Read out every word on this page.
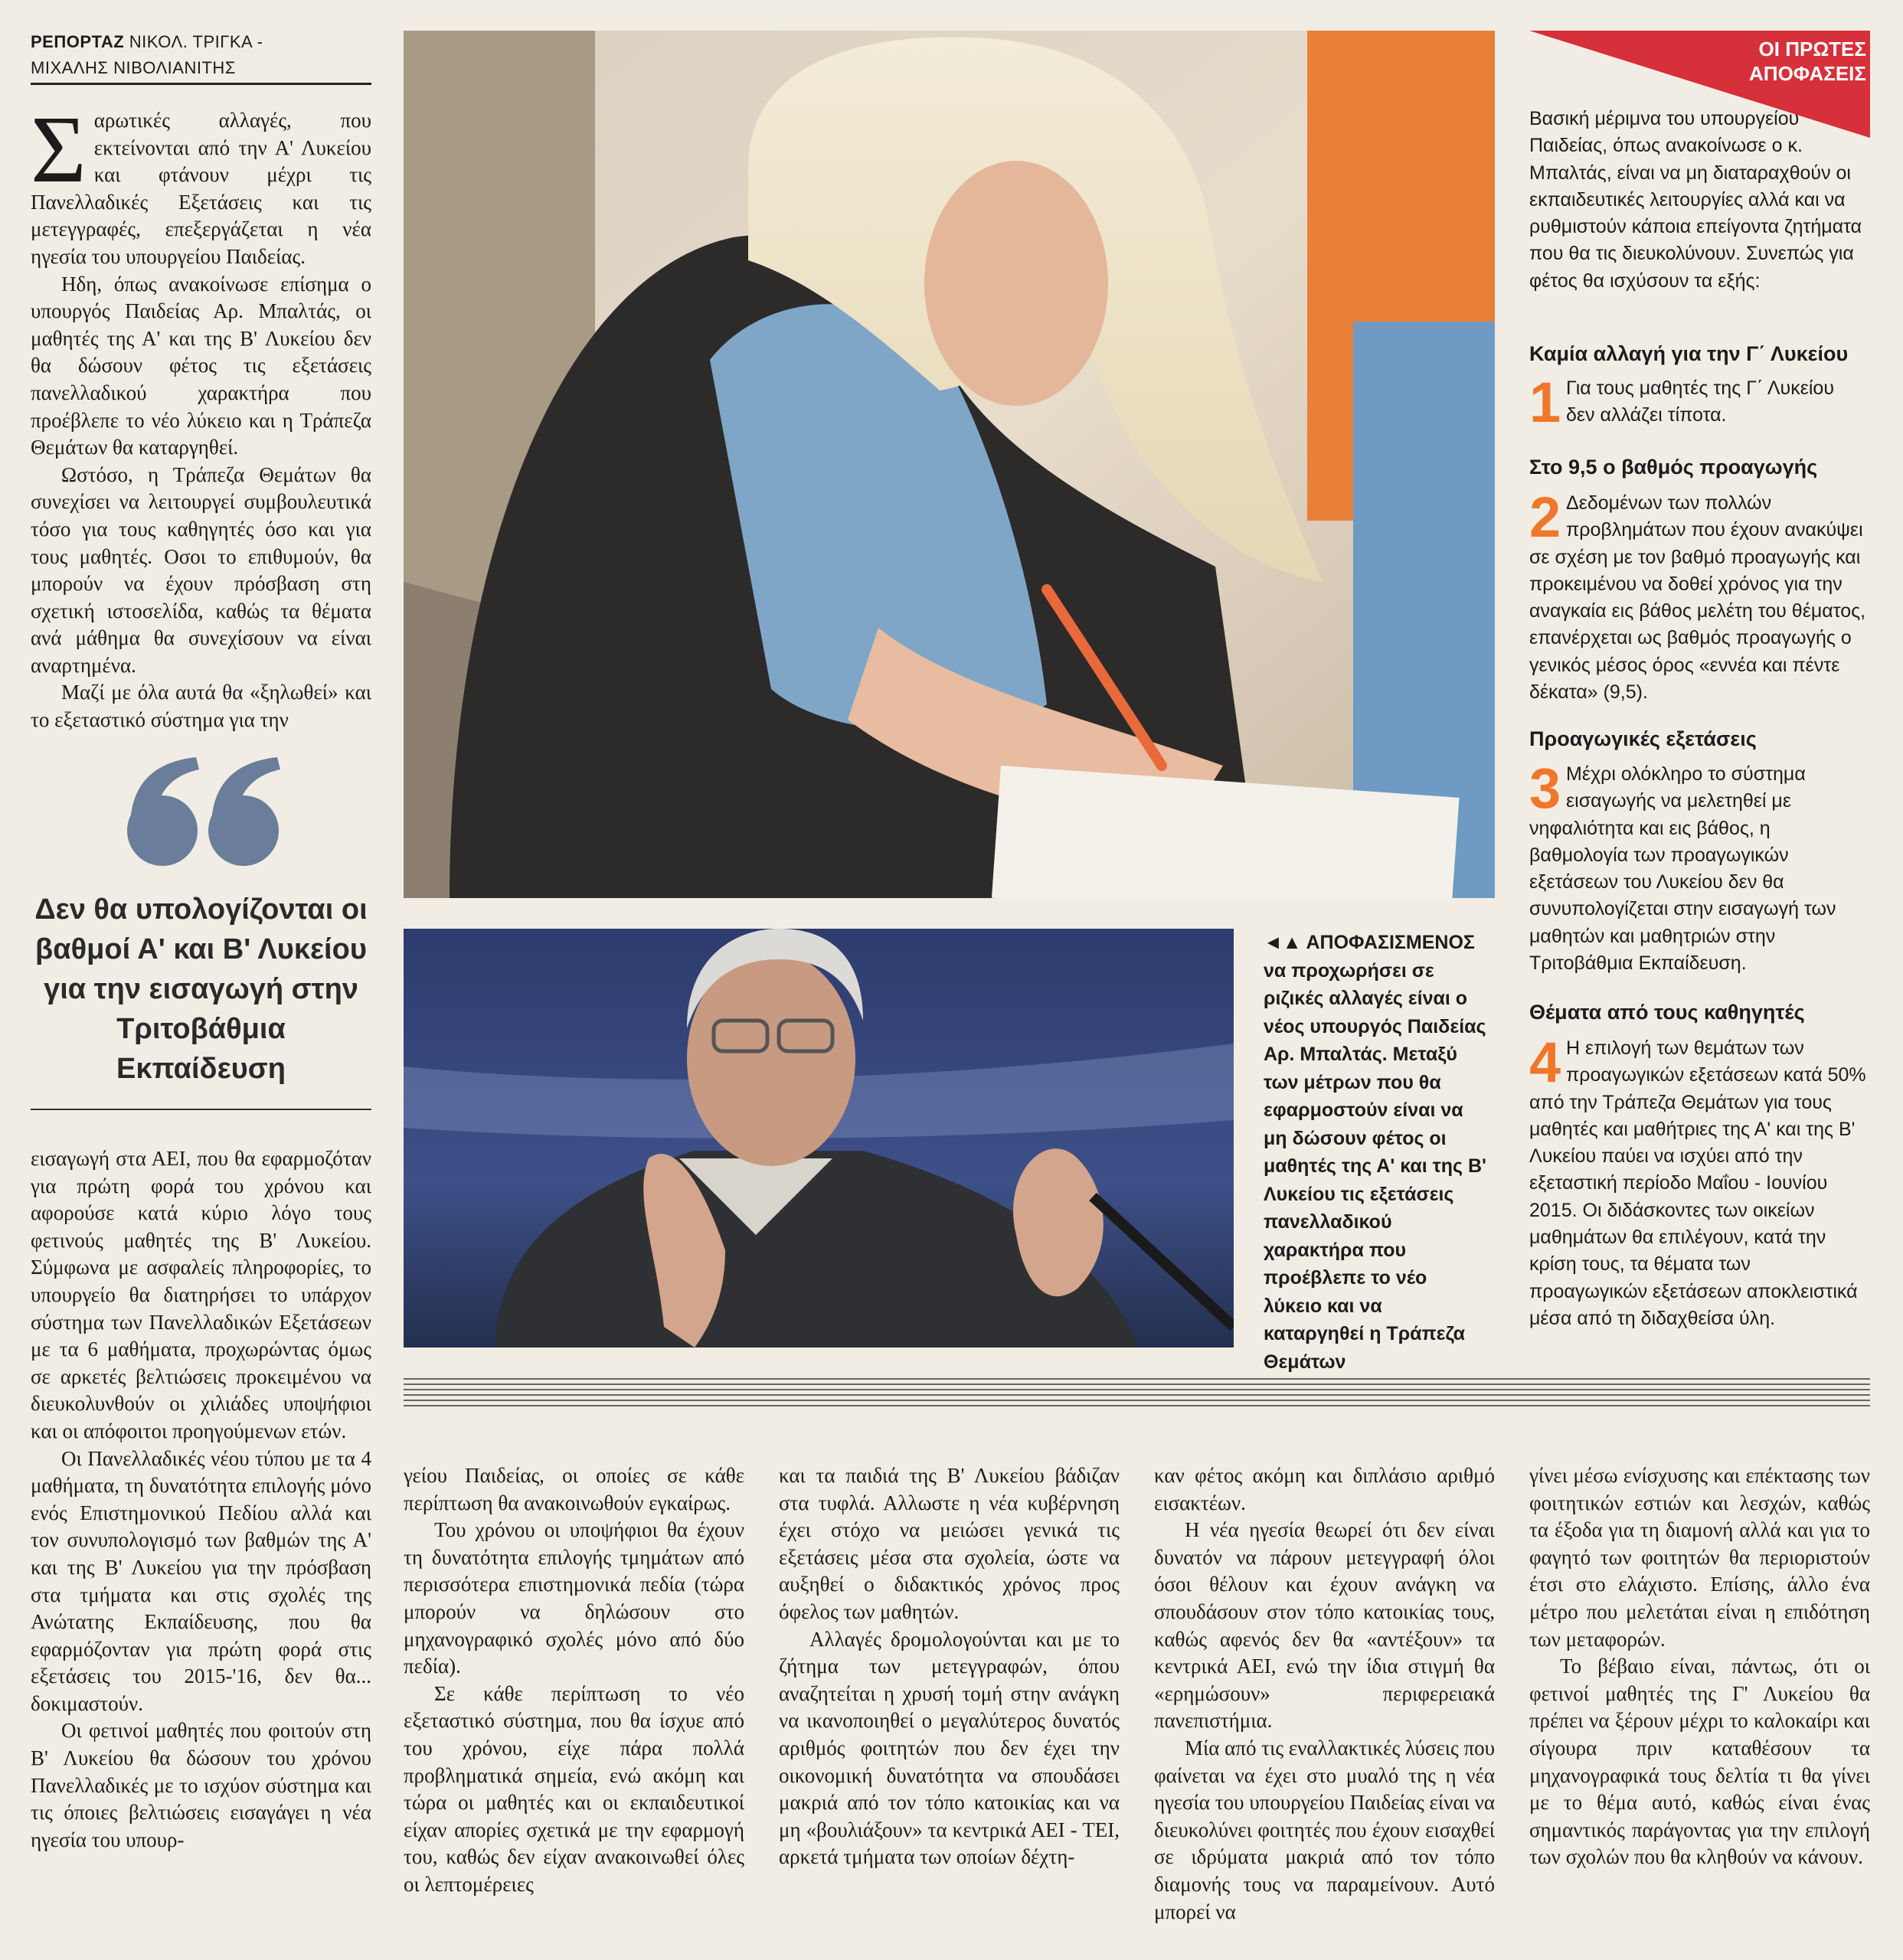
ΡΕΠΟΡΤΑΖ ΝΙΚΟΛ. ΤΡΙΓΚΑ -
ΜΙΧΑΛΗΣ ΝΙΒΟΛΙΑΝΙΤΗΣ

Σαρωτικές αλλαγές, που εκτείνονται από την Α' Λυκείου και φτάνουν μέχρι τις Πανελλαδικές Εξετάσεις και τις μετεγγραφές, επεξεργάζεται η νέα ηγεσία του υπουργείου Παιδείας.

Ηδη, όπως ανακοίνωσε επίσημα ο υπουργός Παιδείας Αρ. Μπαλτάς, οι μαθητές της Α' και της Β' Λυκείου δεν θα δώσουν φέτος τις εξετάσεις πανελλαδικού χαρακτήρα που προέβλεπε το νέο λύκειο και η Τράπεζα Θεμάτων θα καταργηθεί.

Ωστόσο, η Τράπεζα Θεμάτων θα συνεχίσει να λειτουργεί συμβουλευτικά τόσο για τους καθηγητές όσο και για τους μαθητές. Οσοι το επιθυμούν, θα μπορούν να έχουν πρόσβαση στη σχετική ιστοσελίδα, καθώς τα θέματα ανά μάθημα θα συνεχίσουν να είναι αναρτημένα.

Μαζί με όλα αυτά θα «ξηλωθεί» και το εξεταστικό σύστημα για την

Δεν θα υπολογίζονται οι βαθμοί Α' και Β' Λυκείου για την εισαγωγή στην Τριτοβάθμια Εκπαίδευση

εισαγωγή στα ΑΕΙ, που θα εφαρμοζόταν για πρώτη φορά του χρόνου και αφορούσε κατά κύριο λόγο τους φετινούς μαθητές της Β' Λυκείου. Σύμφωνα με ασφαλείς πληροφορίες, το υπουργείο θα διατηρήσει το υπάρχον σύστημα των Πανελλαδικών Εξετάσεων με τα 6 μαθήματα, προχωρώντας όμως σε αρκετές βελτιώσεις προκειμένου να διευκολυνθούν οι χιλιάδες υποψήφιοι και οι απόφοιτοι προηγούμενων ετών.

Οι Πανελλαδικές νέου τύπου με τα 4 μαθήματα, τη δυνατότητα επιλογής μόνο ενός Επιστημονικού Πεδίου αλλά και τον συνυπολογισμό των βαθμών της Α' και της Β' Λυκείου για την πρόσβαση στα τμήματα και στις σχολές της Ανώτατης Εκπαίδευσης, που θα εφαρμόζονταν για πρώτη φορά στις εξετάσεις του 2015-'16, δεν θα... δοκιμαστούν.

Οι φετινοί μαθητές που φοιτούν στη Β' Λυκείου θα δώσουν του χρόνου Πανελλαδικές με το ισχύον σύστημα και τις όποιες βελτιώσεις εισαγάγει η νέα ηγεσία του υπουρ-

◄▲ ΑΠΟΦΑΣΙΣΜΕΝΟΣ να προχωρήσει σε ριζικές αλλαγές είναι ο νέος υπουργός Παιδείας Αρ. Μπαλτάς. Μεταξύ των μέτρων που θα εφαρμοστούν είναι να μη δώσουν φέτος οι μαθητές της Α' και της Β' Λυκείου τις εξετάσεις πανελλαδικού χαρακτήρα που προέβλεπε το νέο λύκειο και να καταργηθεί η Τράπεζα Θεμάτων
ΟΙ ΠΡΩΤΕΣ
ΑΠΟΦΑΣΕΙΣ
Βασική μέριμνα του υπουργείου Παιδείας, όπως ανακοίνωσε ο κ. Μπαλτάς, είναι να μη διαταραχθούν οι εκπαιδευτικές λειτουργίες αλλά και να ρυθμιστούν κάποια επείγοντα ζητήματα που θα τις διευκολύνουν. Συνεπώς για φέτος θα ισχύσουν τα εξής:
Καμία αλλαγή για την Γ΄ Λυκείου
1 Για τους μαθητές της Γ΄ Λυκείου δεν αλλάζει τίποτα.
Στο 9,5 ο βαθμός προαγωγής
2 Δεδομένων των πολλών προβλημάτων που έχουν ανακύψει σε σχέση με τον βαθμό προαγωγής και προκειμένου να δοθεί χρόνος για την αναγκαία εις βάθος μελέτη του θέματος, επανέρχεται ως βαθμός προαγωγής ο γενικός μέσος όρος «εννέα και πέντε δέκατα» (9,5).
Προαγωγικές εξετάσεις
3 Μέχρι ολόκληρο το σύστημα εισαγωγής να μελετηθεί με νηφαλιότητα και εις βάθος, η βαθμολογία των προαγωγικών εξετάσεων του Λυκείου δεν θα συνυπολογίζεται στην εισαγωγή των μαθητών και μαθητριών στην Τριτοβάθμια Εκπαίδευση.
Θέματα από τους καθηγητές
4 Η επιλογή των θεμάτων των προαγωγικών εξετάσεων κατά 50% από την Τράπεζα Θεμάτων για τους μαθητές και μαθήτριες της Α' και της Β' Λυκείου παύει να ισχύει από την εξεταστική περίοδο Μαΐου - Ιουνίου 2015. Οι διδάσκοντες των οικείων μαθημάτων θα επιλέγουν, κατά την κρίση τους, τα θέματα των προαγωγικών εξετάσεων αποκλειστικά μέσα από τη διδαχθείσα ύλη.

γείου Παιδείας, οι οποίες σε κάθε περίπτωση θα ανακοινωθούν εγκαίρως.

Του χρόνου οι υποψήφιοι θα έχουν τη δυνατότητα επιλογής τμημάτων από περισσότερα επιστημονικά πεδία (τώρα μπορούν να δηλώσουν στο μηχανογραφικό σχολές μόνο από δύο πεδία).

Σε κάθε περίπτωση το νέο εξεταστικό σύστημα, που θα ίσχυε από του χρόνου, είχε πάρα πολλά προβληματικά σημεία, ενώ ακόμη και τώρα οι μαθητές και οι εκπαιδευτικοί είχαν απορίες σχετικά με την εφαρμογή του, καθώς δεν είχαν ανακοινωθεί όλες οι λεπτομέρειες

και τα παιδιά της Β' Λυκείου βάδιζαν στα τυφλά. Αλλωστε η νέα κυβέρνηση έχει στόχο να μειώσει γενικά τις εξετάσεις μέσα στα σχολεία, ώστε να αυξηθεί ο διδακτικός χρόνος προς όφελος των μαθητών.

Αλλαγές δρομολογούνται και με το ζήτημα των μετεγγραφών, όπου αναζητείται η χρυσή τομή στην ανάγκη να ικανοποιηθεί ο μεγαλύτερος δυνατός αριθμός φοιτητών που δεν έχει την οικονομική δυνατότητα να σπουδάσει μακριά από τον τόπο κατοικίας και να μη «βουλιάξουν» τα κεντρικά ΑΕΙ - ΤΕΙ, αρκετά τμήματα των οποίων δέχτη-

καν φέτος ακόμη και διπλάσιο αριθμό εισακτέων.

Η νέα ηγεσία θεωρεί ότι δεν είναι δυνατόν να πάρουν μετεγγραφή όλοι όσοι θέλουν και έχουν ανάγκη να σπουδάσουν στον τόπο κατοικίας τους, καθώς αφενός δεν θα «αντέξουν» τα κεντρικά ΑΕΙ, ενώ την ίδια στιγμή θα «ερημώσουν» περιφερειακά πανεπιστήμια.

Μία από τις εναλλακτικές λύσεις που φαίνεται να έχει στο μυαλό της η νέα ηγεσία του υπουργείου Παιδείας είναι να διευκολύνει φοιτητές που έχουν εισαχθεί σε ιδρύματα μακριά από τον τόπο διαμονής τους να παραμείνουν. Αυτό μπορεί να

γίνει μέσω ενίσχυσης και επέκτασης των φοιτητικών εστιών και λεσχών, καθώς τα έξοδα για τη διαμονή αλλά και για το φαγητό των φοιτητών θα περιοριστούν έτσι στο ελάχιστο. Επίσης, άλλο ένα μέτρο που μελετάται είναι η επιδότηση των μεταφορών.

Το βέβαιο είναι, πάντως, ότι οι φετινοί μαθητές της Γ' Λυκείου θα πρέπει να ξέρουν μέχρι το καλοκαίρι και σίγουρα πριν καταθέσουν τα μηχανογραφικά τους δελτία τι θα γίνει με το θέμα αυτό, καθώς είναι ένας σημαντικός παράγοντας για την επιλογή των σχολών που θα κληθούν να κάνουν.
